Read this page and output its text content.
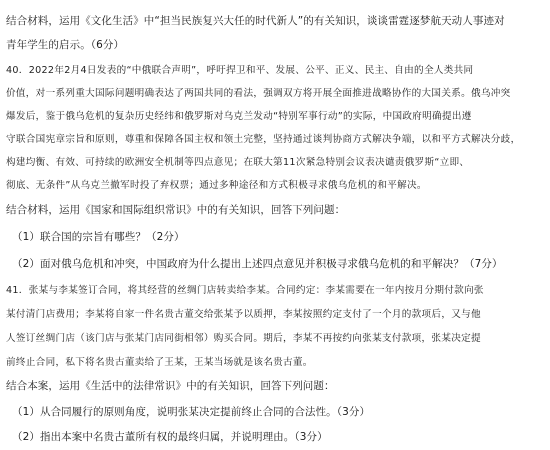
结合材料，运用《文化生活》中“担当民族复兴大任的时代新人”的有关知识，谈谈雷霆逐梦航天动人事迹对
青年学生的启示。（6分）
40．2022年2月4日发表的“中俄联合声明”，呼吁捍卫和平、发展、公平、正义、民主、自由的全人类共同
价值，对一系列重大国际问题明确表达了两国共同的看法，强调双方将开展全面推进战略协作的大国关系。俄乌冲突
爆发后，鉴于俄乌危机的复杂历史经纬和俄罗斯对乌克兰发动“特别军事行动”的实际，中国政府明确提出遵
守联合国宪章宗旨和原则，尊重和保障各国主权和领土完整，坚持通过谈判协商方式解决争端，以和平方式解决分歧，
构建均衡、有效、可持续的欧洲安全机制等四点意见；在联大第11次紧急特别会议表决谴责俄罗斯“立即、
彻底、无条件”从乌克兰撤军时投了弃权票；通过多种途径和方式积极寻求俄乌危机的和平解决。
结合材料，运用《国家和国际组织常识》中的有关知识，回答下列问题：
（1）联合国的宗旨有哪些？（2分）
（2）面对俄乌危机和冲突，中国政府为什么提出上述四点意见并积极寻求俄乌危机的和平解决？（7分）
41．张某与李某签订合同，将其经营的丝绸门店转卖给李某。合同约定：李某需要在一年内按月分期付款向张
某付清门店费用；李某将自家一件名贵古董交给张某予以质押，李某按照约定支付了一个月的款项后，又与他
人签订丝绸门店（该门店与张某门店同街相邻）购买合同。期后，李某不再按约向张某支付款项，张某决定提
前终止合同，私下将名贵古董卖给了王某，王某当场就是该名贵古董。
结合本案，运用《生活中的法律常识》中的有关知识，回答下列问题：
（1）从合同履行的原则角度，说明张某决定提前终止合同的合法性。（3分）
（2）指出本案中名贵古董所有权的最终归属，并说明理由。（3分）
